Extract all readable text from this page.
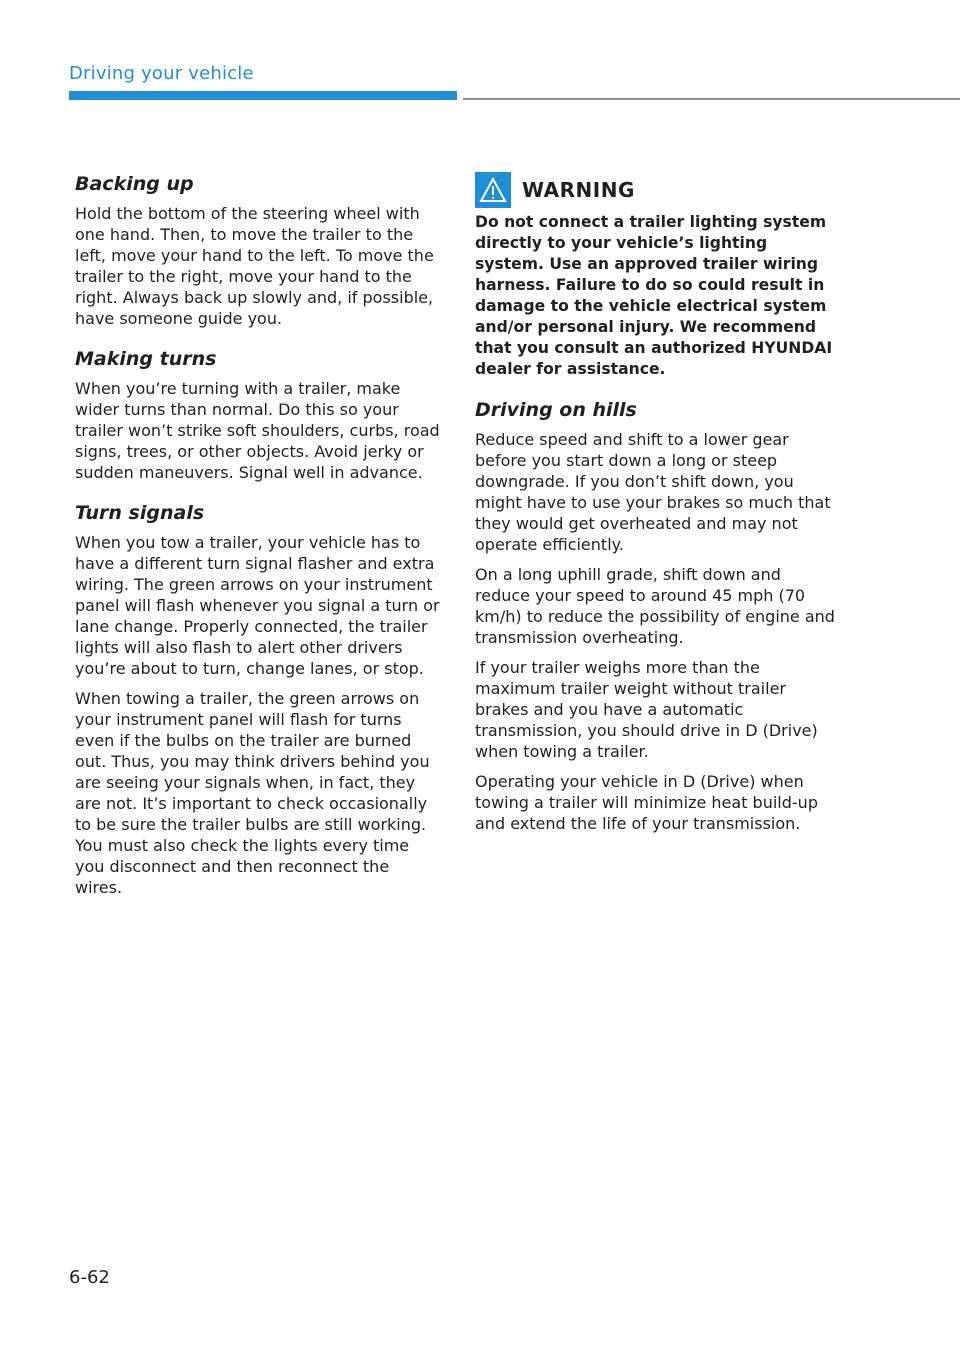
Driving your vehicle
Backing up

Hold the bottom of the steering wheel with one hand. Then, to move the trailer to the left, move your hand to the left. To move the trailer to the right, move your hand to the right. Always back up slowly and, if possible, have someone guide you.

Making turns

When you’re turning with a trailer, make wider turns than normal. Do this so your trailer won’t strike soft shoulders, curbs, road signs, trees, or other objects. Avoid jerky or sudden maneuvers. Signal well in advance.

Turn signals

When you tow a trailer, your vehicle has to have a different turn signal flasher and extra wiring. The green arrows on your instrument panel will flash whenever you signal a turn or lane change. Properly connected, the trailer lights will also flash to alert other drivers you’re about to turn, change lanes, or stop.

When towing a trailer, the green arrows on your instrument panel will flash for turns even if the bulbs on the trailer are burned out. Thus, you may think drivers behind you are seeing your signals when, in fact, they are not. It’s important to check occasionally to be sure the trailer bulbs are still working. You must also check the lights every time you disconnect and then reconnect the wires.

WARNING

Do not connect a trailer lighting system directly to your vehicle’s lighting system. Use an approved trailer wiring harness. Failure to do so could result in damage to the vehicle electrical system and/or personal injury. We recommend that you consult an authorized HYUNDAI dealer for assistance.

Driving on hills

Reduce speed and shift to a lower gear before you start down a long or steep downgrade. If you don’t shift down, you might have to use your brakes so much that they would get overheated and may not operate efficiently.

On a long uphill grade, shift down and reduce your speed to around 45 mph (70 km/h) to reduce the possibility of engine and transmission overheating.

If your trailer weighs more than the maximum trailer weight without trailer brakes and you have a automatic transmission, you should drive in D (Drive) when towing a trailer.

Operating your vehicle in D (Drive) when towing a trailer will minimize heat build-up and extend the life of your transmission.

6-62
